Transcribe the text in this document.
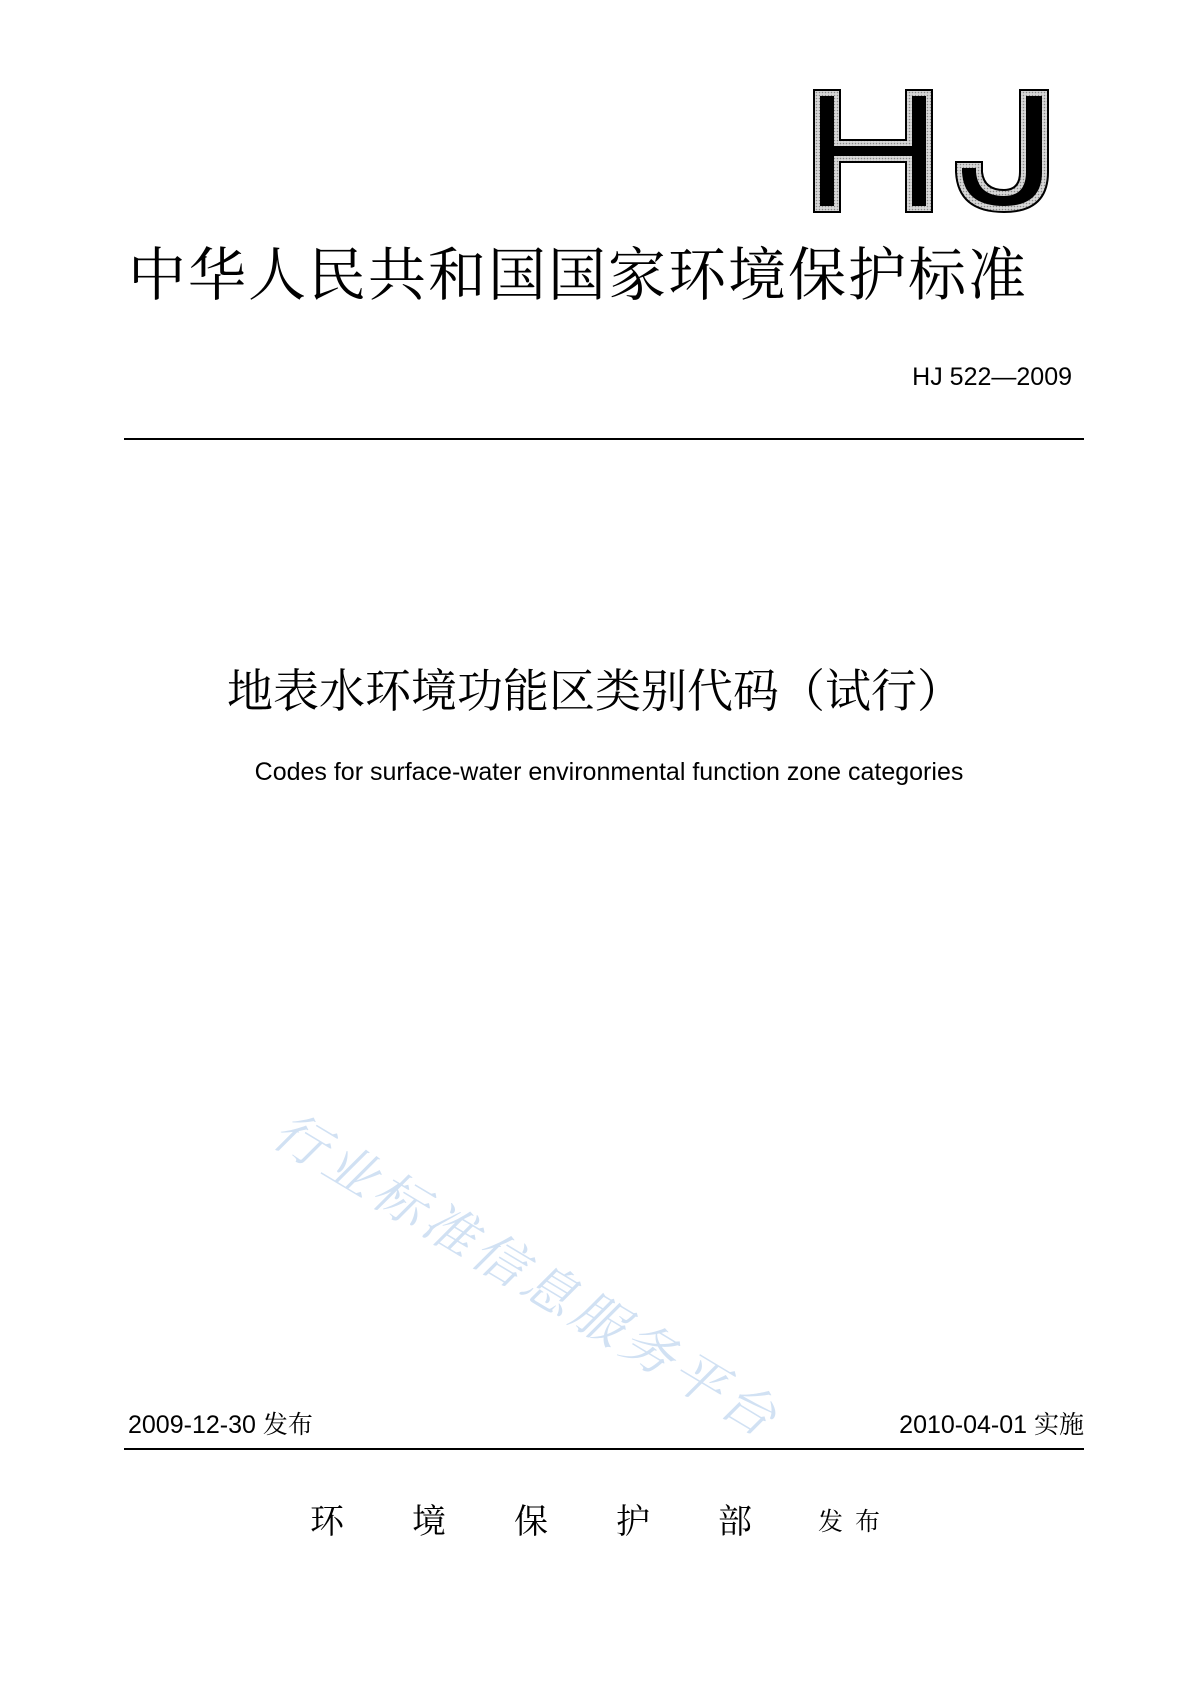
中华人民共和国国家环境保护标准
HJ 522—2009
地表水环境功能区类别代码（试行）
Codes for surface-water environmental function zone categories
行业标准信息服务平台
2009-12-30 发布	2010-04-01 实施
环境保护部
发布
